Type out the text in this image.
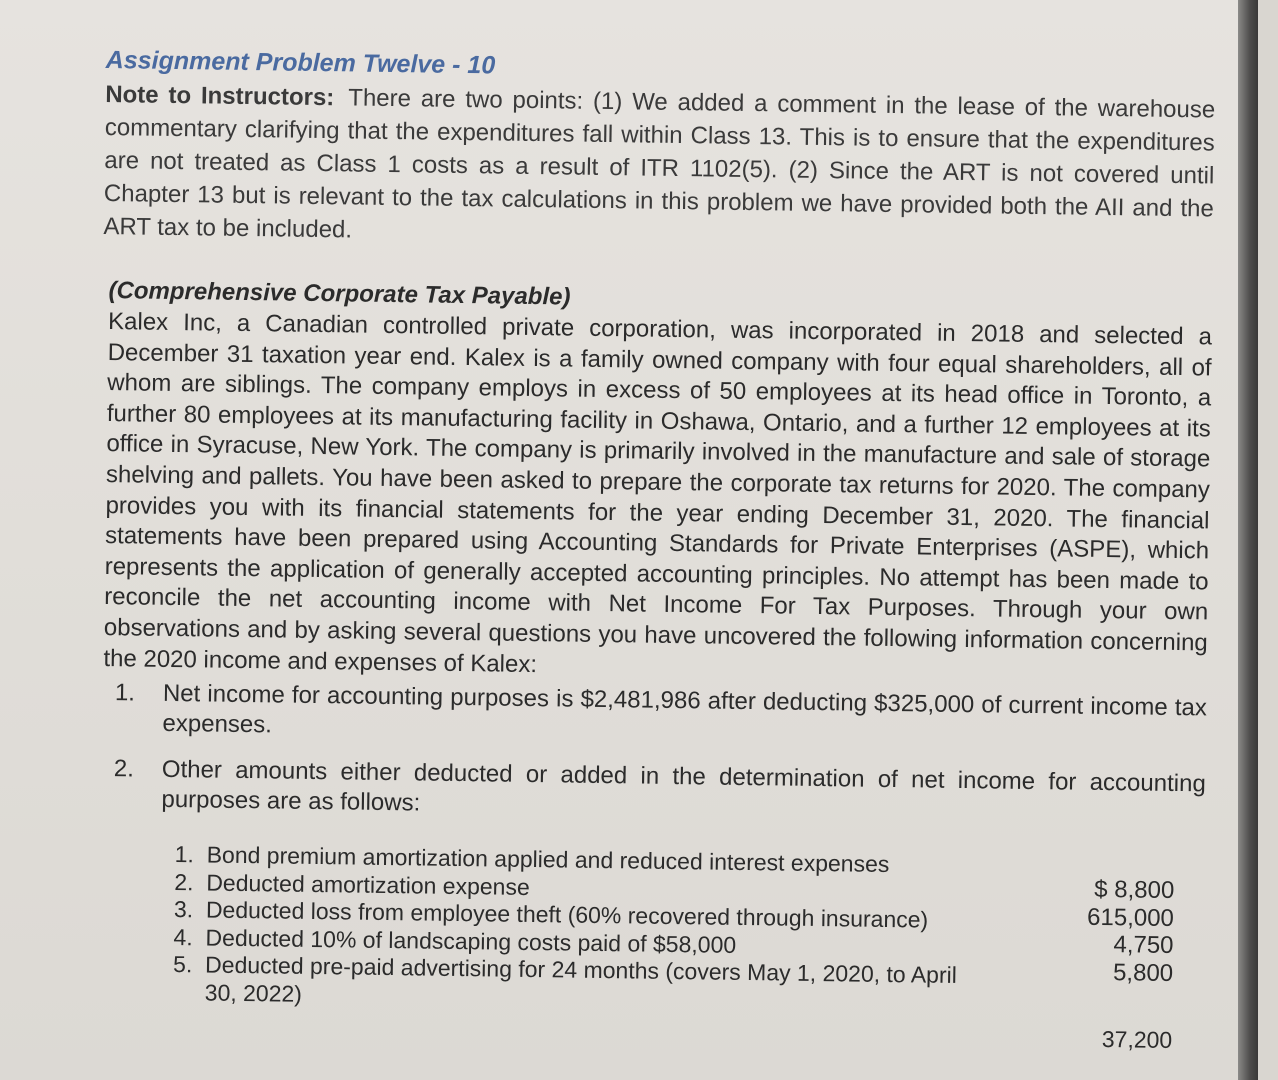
Assignment Problem Twelve - 10

Note to Instructors: There are two points: (1) We added a comment in the lease of the warehouse commentary clarifying that the expenditures fall within Class 13. This is to ensure that the expenditures are not treated as Class 1 costs as a result of ITR 1102(5). (2) Since the ART is not covered until Chapter 13 but is relevant to the tax calculations in this problem we have provided both the AII and the ART tax to be included.

(Comprehensive Corporate Tax Payable)

Kalex Inc, a Canadian controlled private corporation, was incorporated in 2018 and selected a December 31 taxation year end. Kalex is a family owned company with four equal shareholders, all of whom are siblings. The company employs in excess of 50 employees at its head office in Toronto, a further 80 employees at its manufacturing facility in Oshawa, Ontario, and a further 12 employees at its office in Syracuse, New York. The company is primarily involved in the manufacture and sale of storage shelving and pallets. You have been asked to prepare the corporate tax returns for 2020. The company provides you with its financial statements for the year ending December 31, 2020. The financial statements have been prepared using Accounting Standards for Private Enterprises (ASPE), which represents the application of generally accepted accounting principles. No attempt has been made to reconcile the net accounting income with Net Income For Tax Purposes. Through your own observations and by asking several questions you have uncovered the following information concerning the 2020 income and expenses of Kalex:

1.	Net income for accounting purposes is $2,481,986 after deducting $325,000 of current income tax expenses.
2.	Other amounts either deducted or added in the determination of net income for accounting purposes are as follows:
1. Bond premium amortization applied and reduced interest expenses
$ 8,800
2. Deducted amortization expense
615,000
3. Deducted loss from employee theft (60% recovered through insurance)
4,750
4. Deducted 10% of landscaping costs paid of $58,000
5,800
5. Deducted pre-paid advertising for 24 months (covers May 1, 2020, to April 30, 2022)
37,200
